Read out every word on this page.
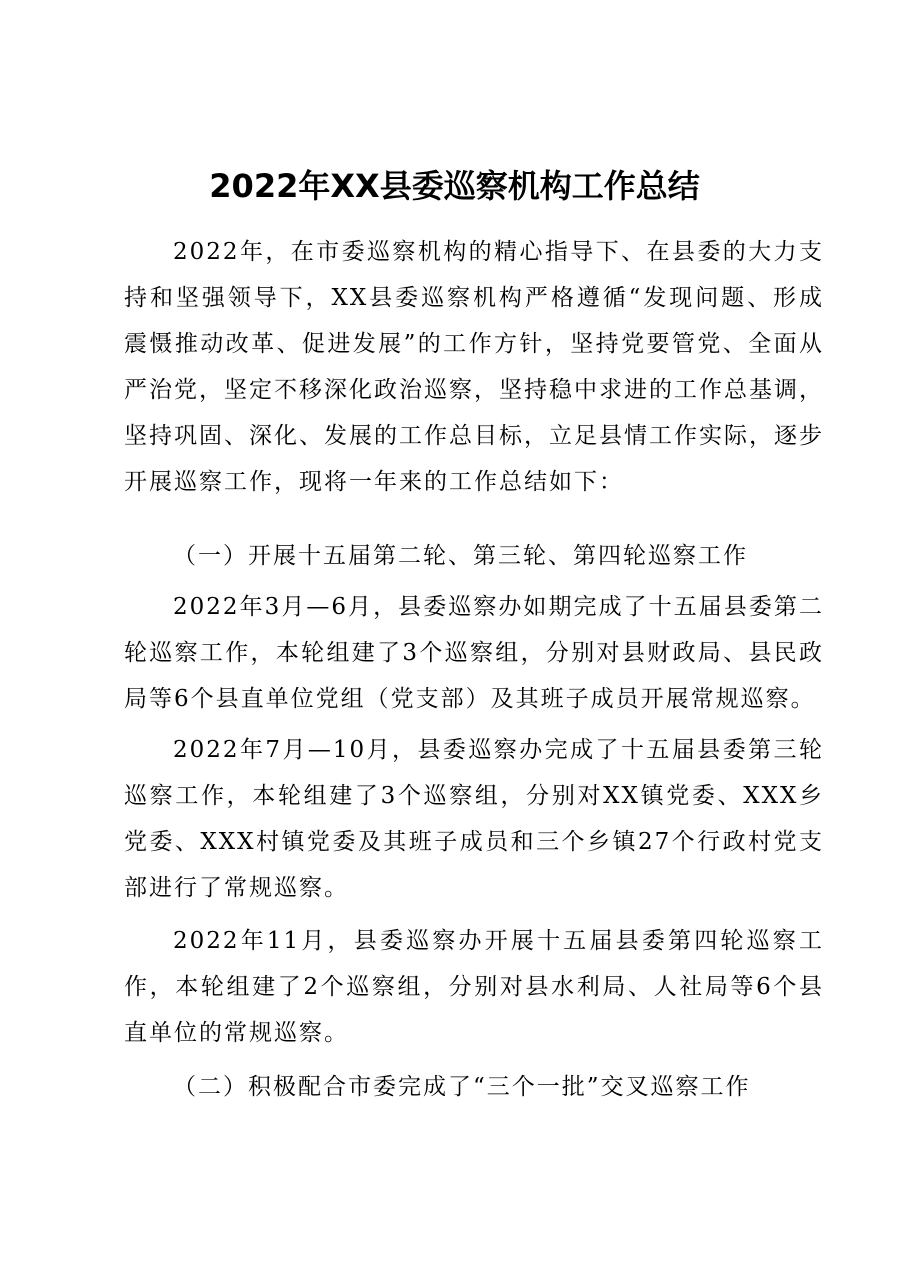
2022年XX县委巡察机构工作总结

2022年，在市委巡察机构的精心指导下、在县委的大力支持和坚强领导下，XX县委巡察机构严格遵循“发现问题、形成震慑推动改革、促进发展”的工作方针，坚持党要管党、全面从严治党，坚定不移深化政治巡察，坚持稳中求进的工作总基调，坚持巩固、深化、发展的工作总目标，立足县情工作实际，逐步开展巡察工作，现将一年来的工作总结如下：

（一）开展十五届第二轮、第三轮、第四轮巡察工作

2022年3月—6月，县委巡察办如期完成了十五届县委第二轮巡察工作，本轮组建了3个巡察组，分别对县财政局、县民政局等6个县直单位党组（党支部）及其班子成员开展常规巡察。

2022年7月—10月，县委巡察办完成了十五届县委第三轮巡察工作，本轮组建了3个巡察组，分别对XX镇党委、XXX乡党委、XXX村镇党委及其班子成员和三个乡镇27个行政村党支部进行了常规巡察。

2022年11月，县委巡察办开展十五届县委第四轮巡察工作，本轮组建了2个巡察组，分别对县水利局、人社局等6个县直单位的常规巡察。

（二）积极配合市委完成了“三个一批”交叉巡察工作
